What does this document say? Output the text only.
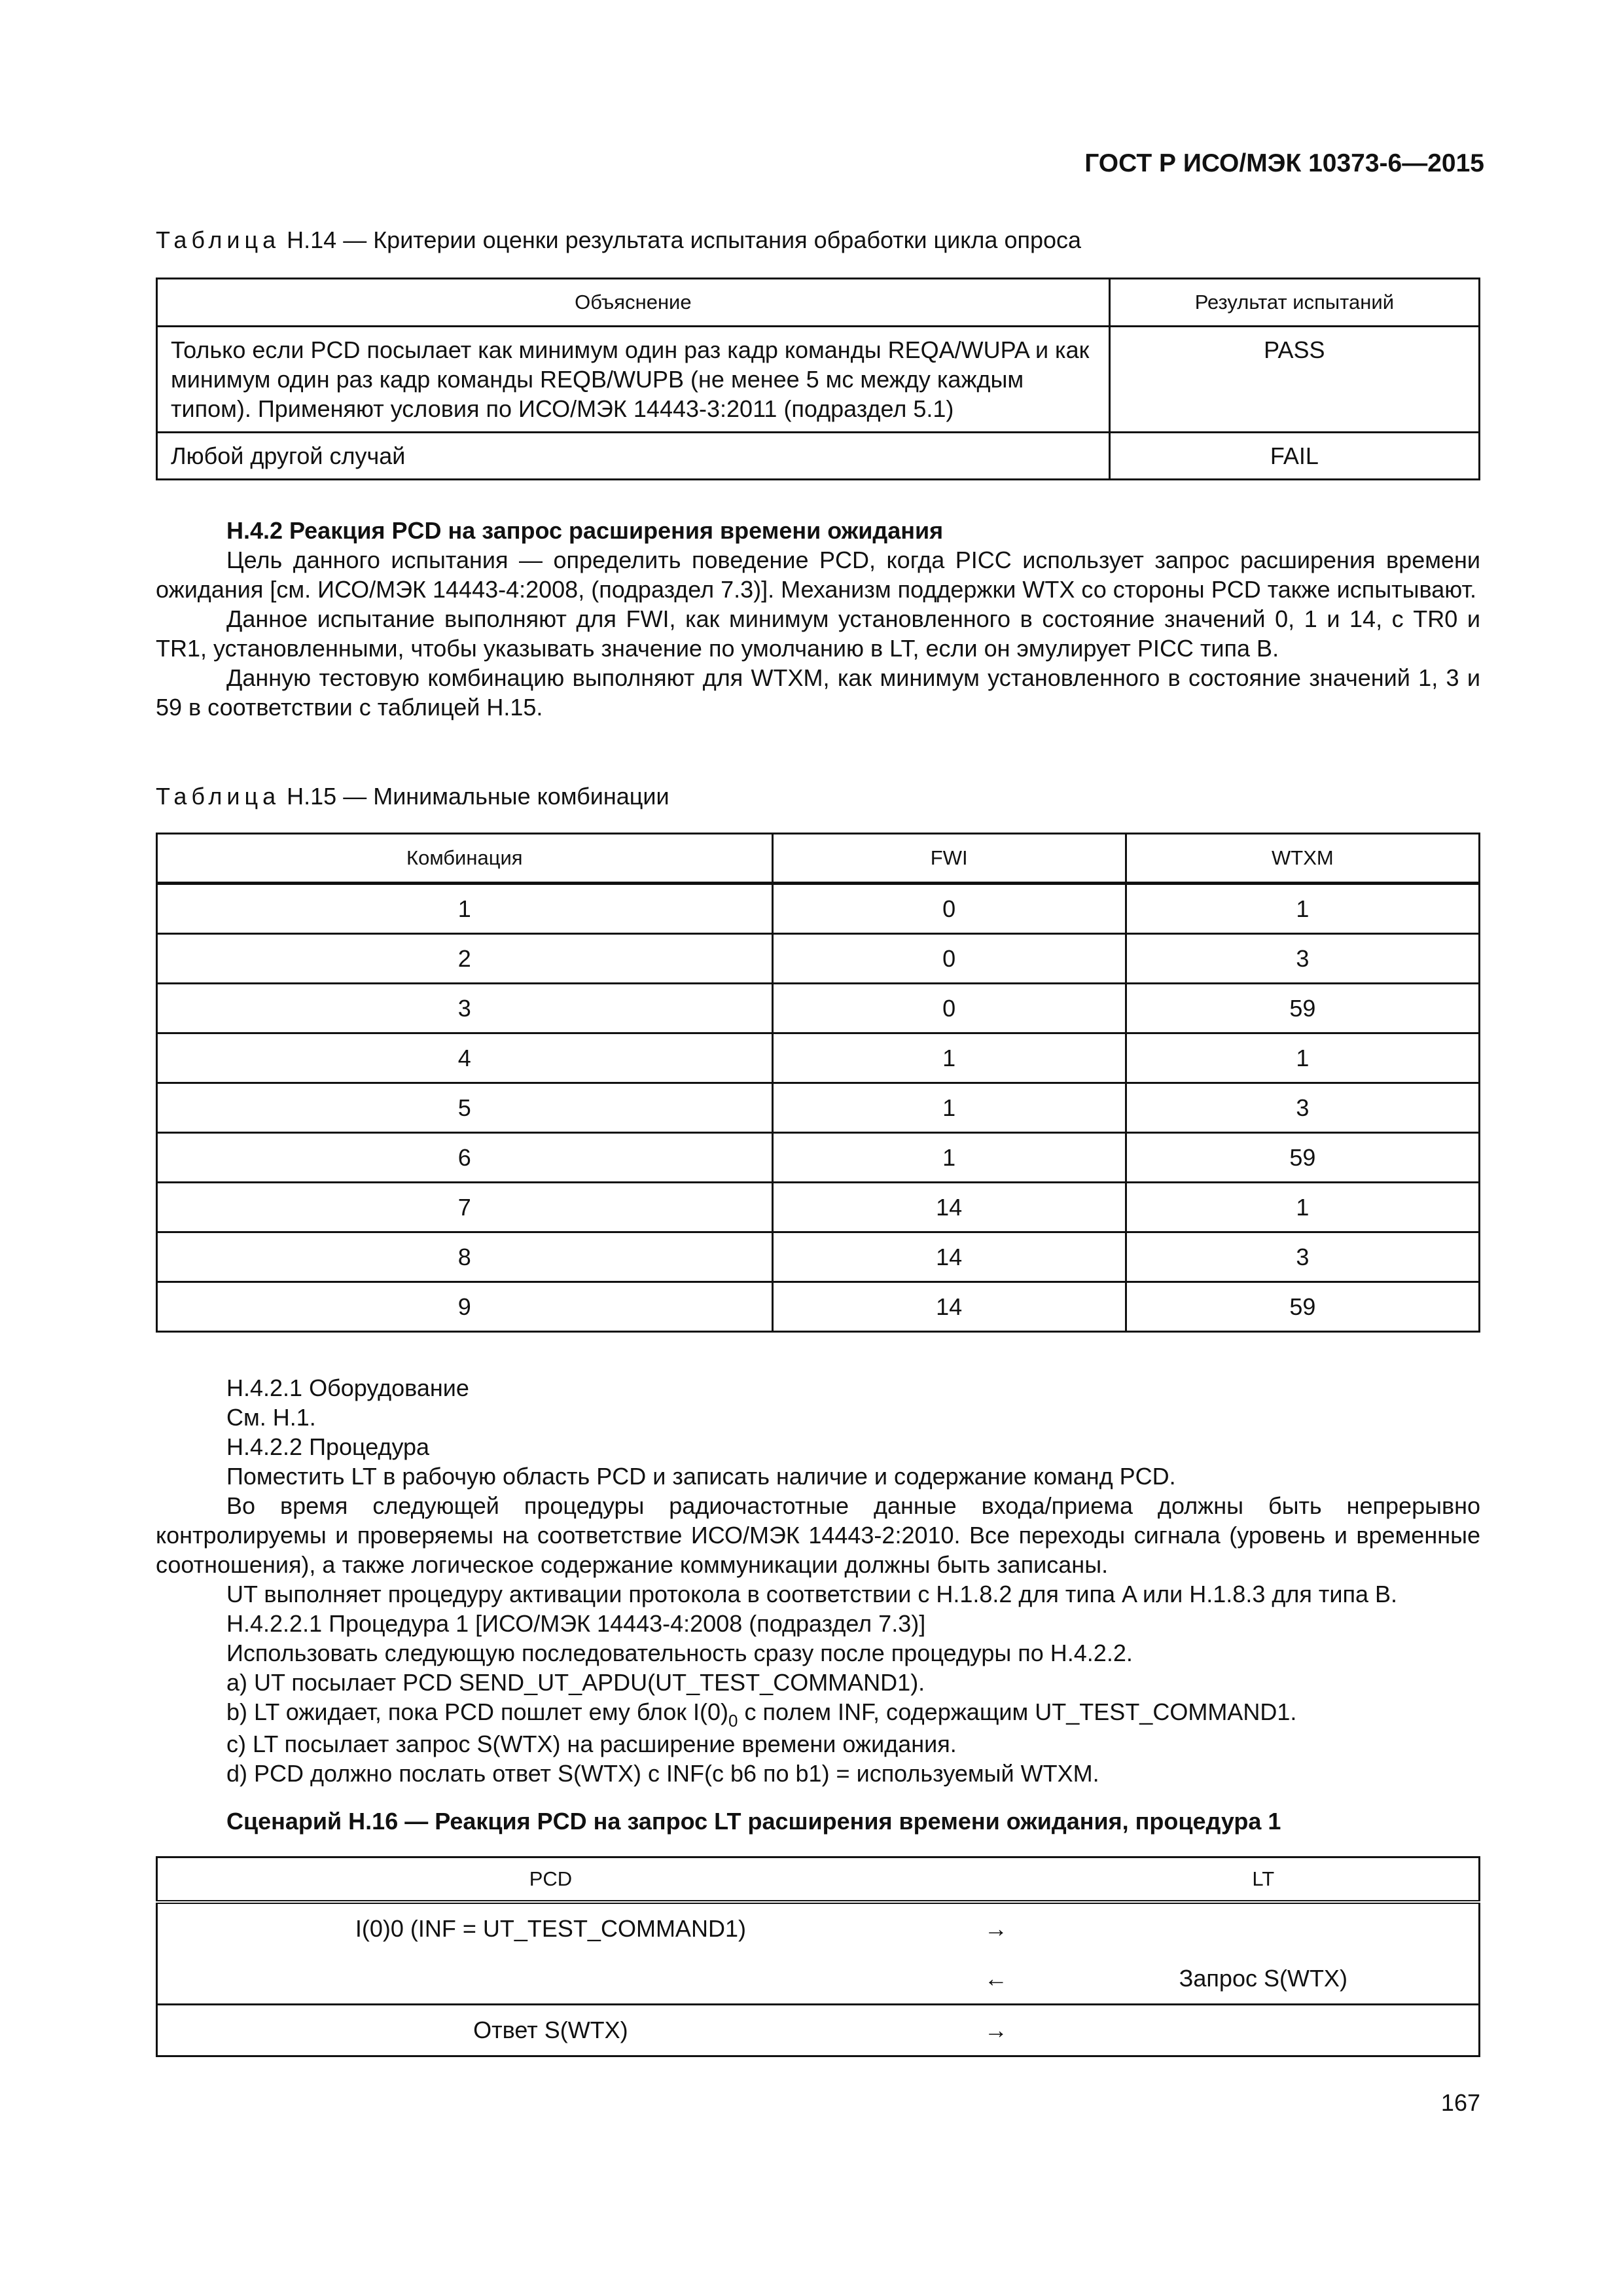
ГОСТ Р ИСО/МЭК 10373-6—2015
Таблица Н.14 — Критерии оценки результата испытания обработки цикла опроса
Объяснение	Результат испытаний
Только если PCD посылает как минимум один раз кадр команды REQA/WUPA и как минимум один раз кадр команды REQB/WUPB (не менее 5 мс между каждым типом). Применяют условия по ИСО/МЭК 14443-3:2011 (подраздел 5.1)	PASS
Любой другой случай	FAIL

Н.4.2 Реакция PCD на запрос расширения времени ожидания

Цель данного испытания — определить поведение PCD, когда PICC использует запрос расширения времени ожидания [см. ИСО/МЭК 14443-4:2008, (подраздел 7.3)]. Механизм поддержки WTX со стороны PCD также испытывают.

Данное испытание выполняют для FWI, как минимум установленного в состояние значений 0, 1 и 14, с TR0 и TR1, установленными, чтобы указывать значение по умолчанию в LT, если он эмулирует PICC типа B.

Данную тестовую комбинацию выполняют для WTXM, как минимум установленного в состояние значений 1, 3 и 59 в соответствии с таблицей Н.15.

Таблица Н.15 — Минимальные комбинации
Комбинация	FWI	WTXM
1	0	1
2	0	3
3	0	59
4	1	1
5	1	3
6	1	59
7	14	1
8	14	3
9	14	59

Н.4.2.1 Оборудование

См. Н.1.

Н.4.2.2 Процедура

Поместить LT в рабочую область PCD и записать наличие и содержание команд PCD.

Во время следующей процедуры радиочастотные данные входа/приема должны быть непрерывно контролируемы и проверяемы на соответствие ИСО/МЭК 14443-2:2010. Все переходы сигнала (уровень и временные соотношения), а также логическое содержание коммуникации должны быть записаны.

UT выполняет процедуру активации протокола в соответствии с Н.1.8.2 для типа A или Н.1.8.3 для типа B.

Н.4.2.2.1 Процедура 1 [ИСО/МЭК 14443-4:2008 (подраздел 7.3)]

Использовать следующую последовательность сразу после процедуры по Н.4.2.2.

a) UT посылает PCD SEND_UT_APDU(UT_TEST_COMMAND1).

b) LT ожидает, пока PCD пошлет ему блок $I(0)_0$ с полем INF, содержащим UT_TEST_COMMAND1.

c) LT посылает запрос S(WTX) на расширение времени ожидания.

d) PCD должно послать ответ S(WTX) с INF(с b6 по b1) = используемый WTXM.

Сценарий Н.16 — Реакция PCD на запрос LT расширения времени ожидания, процедура 1
PCD		LT
I(0)0 (INF = UT_TEST_COMMAND1)	→	
	←	Запрос S(WTX)
Ответ S(WTX)	→	
167
